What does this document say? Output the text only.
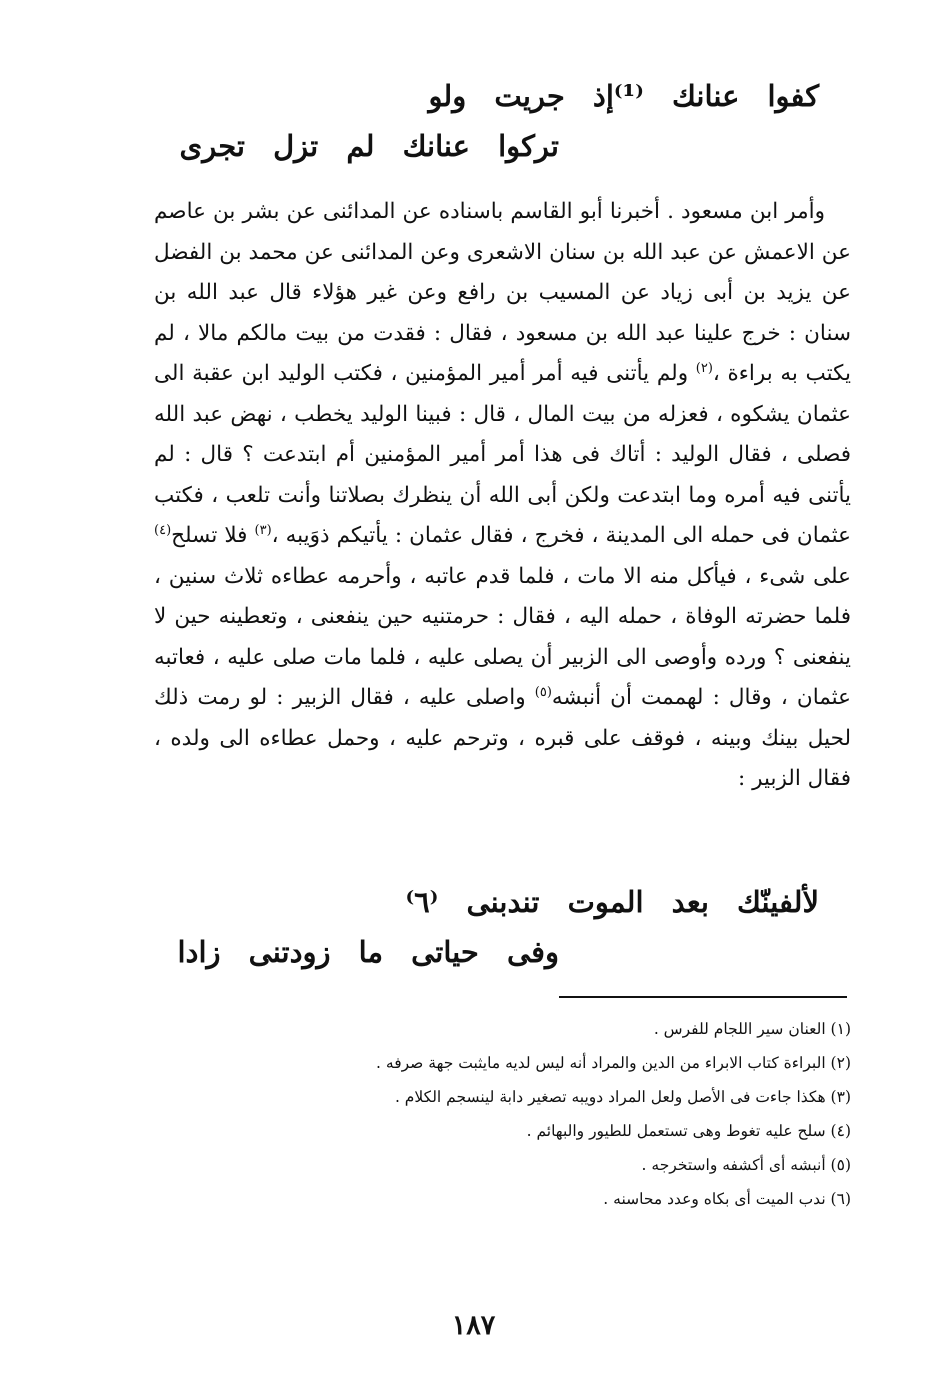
كفوا عنانك ⁽¹⁾إذ جريت ولو
تركوا عنانك لم تزل تجرى

وأمر ابن مسعود . أخبرنا أبو القاسم باسناده عن المدائنى عن بشر بن عاصم عن الاعمش عن عبد الله بن سنان الاشعرى وعن المدائنى عن محمد بن الفضل عن يزيد بن أبى زياد عن المسيب بن رافع وعن غير هؤلاء قال عبد الله بن سنان : خرج علينا عبد الله بن مسعود ، فقال : فقدت من بيت مالكم مالا ، لم يكتب به براءة ،$^{(٢)}$ ولم يأتنى فيه أمر أمير المؤمنين ، فكتب الوليد ابن عقبة الى عثمان يشكوه ، فعزله من بيت المال ، قال : فبينا الوليد يخطب ، نهض عبد الله فصلى ، فقال الوليد : أتاك فى هذا أمر أمير المؤمنين أم ابتدعت ؟ قال : لم يأتنى فيه أمره وما ابتدعت ولكن أبى الله أن ينظرك بصلاتنا وأنت تلعب ، فكتب عثمان فى حمله الى المدينة ، فخرج ، فقال عثمان : يأتيكم ذوَيبه ،$^{(٣)}$ فلا تسلح$^{(٤)}$ على شىء ، فيأكل منه الا مات ، فلما قدم عاتبه ، وأحرمه عطاءه ثلاث سنين ، فلما حضرته الوفاة ، حمله اليه ، فقال : حرمتنيه حين ينفعنى ، وتعطينه حين لا ينفعنى ؟ ورده وأوصى الى الزبير أن يصلى عليه ، فلما مات صلى عليه ، فعاتبه عثمان ، وقال : لهممت أن أنبشه$^{(٥)}$ واصلى عليه ، فقال الزبير : لو رمت ذلك لحيل بينك وبينه ، فوقف على قبره ، وترحم عليه ، وحمل عطاءه الى ولده ، فقال الزبير :

لألفينّك بعد الموت تندبنى ⁽٦⁾
وفى حياتى ما زودتنى زادا
(١) العنان سير اللجام للفرس .
(٢) البراءة كتاب الابراء من الدين والمراد أنه ليس لديه مايثبت جهة صرفه .
(٣) هكذا جاءت فى الأصل ولعل المراد دويبه تصغير دابة لينسجم الكلام .
(٤) سلح عليه تغوط وهى تستعمل للطيور والبهائم .
(٥) أنبشه أى أكشفه واستخرجه .
(٦) ندب الميت أى بكاه وعدد محاسنه .
١٨٧
